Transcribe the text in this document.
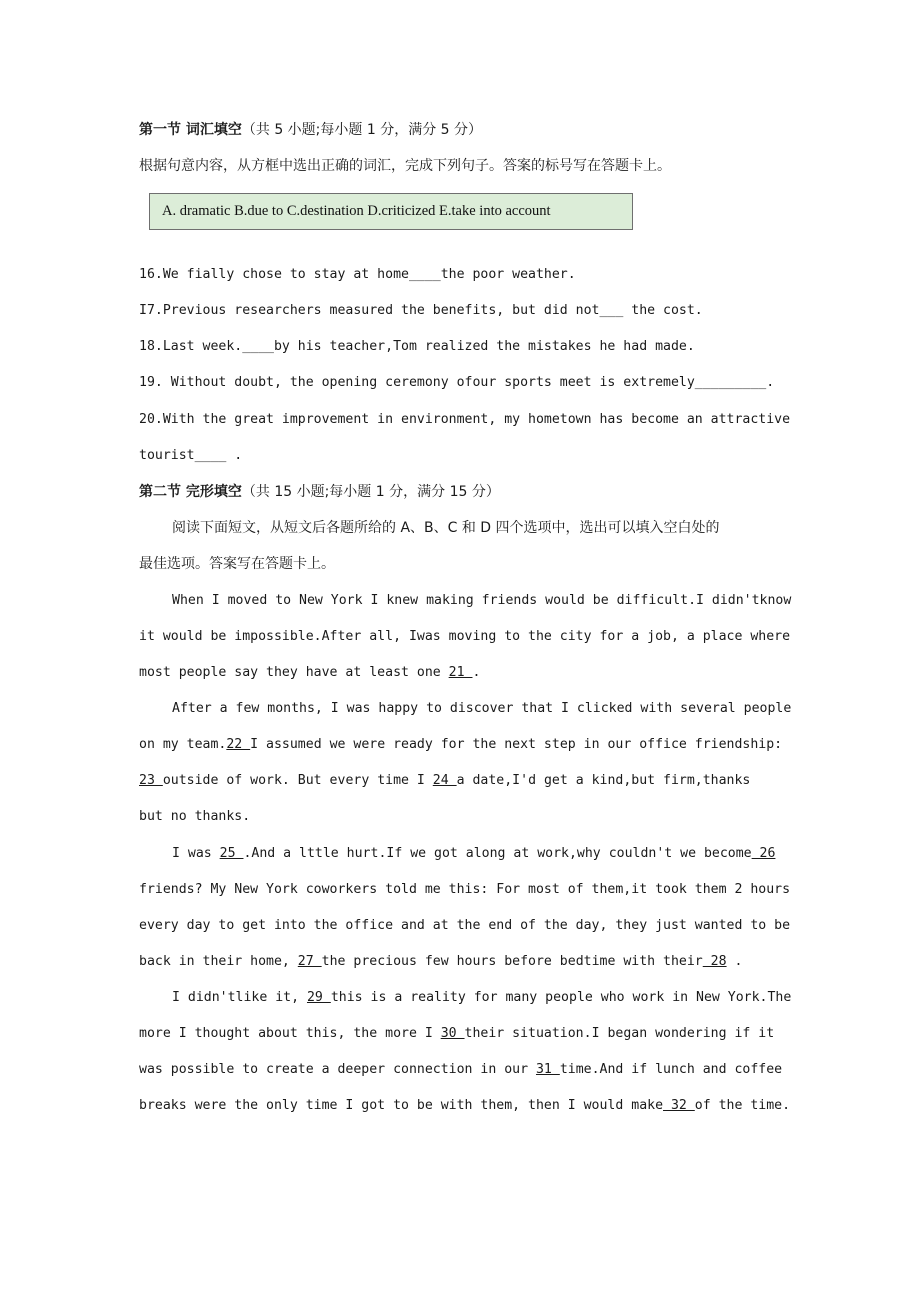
第一节 词汇填空（共 5 小题;每小题 1 分，满分 5 分）
根据句意内容，从方框中选出正确的词汇，完成下列句子。答案的标号写在答题卡上。
A. dramatic B.due to C.destination D.criticized E.take into account
16.We fially chose to stay at home____the poor weather.
I7.Previous researchers measured the benefits, but did not___ the cost.
18.Last week.____by his teacher,Tom realized the mistakes he had made.
19. Without doubt, the opening ceremony ofour sports meet is extremely_________.
20.With the great improvement in environment, my hometown has become an attractive
tourist____ .
第二节 完形填空（共 15 小题;每小题 1 分，满分 15 分）
阅读下面短文，从短文后各题所给的 A、B、C 和 D 四个选项中，选出可以填入空白处的
最佳选项。答案写在答题卡上。
When I moved to New York I knew making friends would be difficult.I didn'tknow
it would be impossible.After all, Iwas moving to the city for a job, a place where
most people say they have at least one 21 .
After a few months, I was happy to discover that I clicked with several people
on my team.22 I assumed we were ready for the next step in our office friendship:
23 outside of work. But every time I 24 a date,I'd get a kind,but firm,thanks
but no thanks.
I was 25 .And a lttle hurt.If we got along at work,why couldn't we become 26
friends? My New York coworkers told me this: For most of them,it took them 2 hours
every day to get into the office and at the end of the day, they just wanted to be
back in their home, 27 the precious few hours before bedtime with their 28 .
I didn'tlike it, 29 this is a reality for many people who work in New York.The
more I thought about this, the more I 30 their situation.I began wondering if it
was possible to create a deeper connection in our 31 time.And if lunch and coffee
breaks were the only time I got to be with them, then I would make 32 of the time.
